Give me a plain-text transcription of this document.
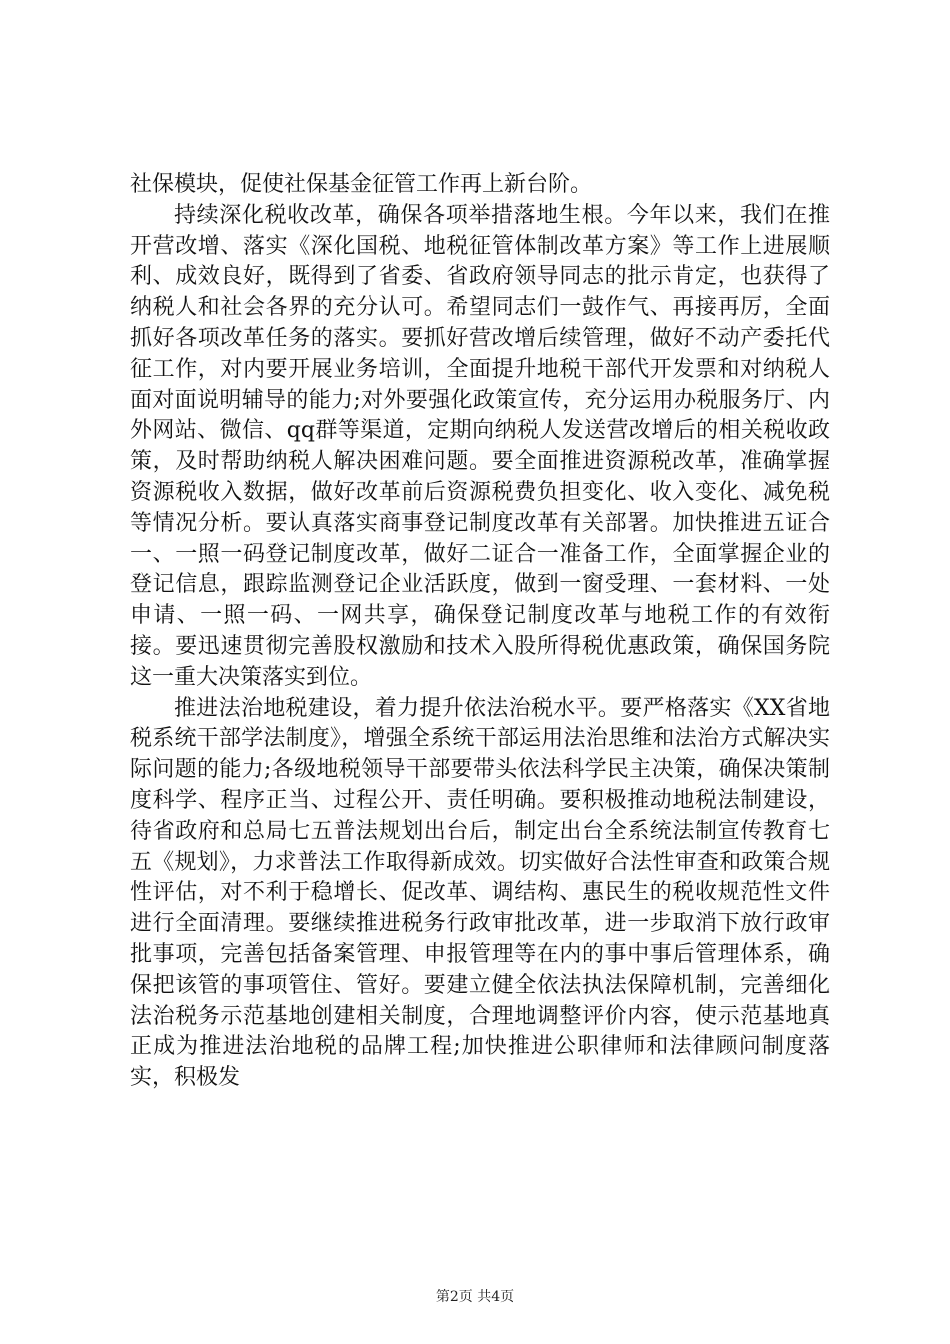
社保模块，促使社保基金征管工作再上新台阶。

持续深化税收改革，确保各项举措落地生根。今年以来，我们在推开营改增、落实《深化国税、地税征管体制改革方案》等工作上进展顺利、成效良好，既得到了省委、省政府领导同志的批示肯定，也获得了纳税人和社会各界的充分认可。希望同志们一鼓作气、再接再厉，全面抓好各项改革任务的落实。要抓好营改增后续管理，做好不动产委托代征工作，对内要开展业务培训，全面提升地税干部代开发票和对纳税人面对面说明辅导的能力;对外要强化政策宣传，充分运用办税服务厅、内外网站、微信、qq群等渠道，定期向纳税人发送营改增后的相关税收政策，及时帮助纳税人解决困难问题。要全面推进资源税改革，准确掌握资源税收入数据，做好改革前后资源税费负担变化、收入变化、减免税等情况分析。要认真落实商事登记制度改革有关部署。加快推进五证合一、一照一码登记制度改革，做好二证合一准备工作，全面掌握企业的登记信息，跟踪监测登记企业活跃度，做到一窗受理、一套材料、一处申请、一照一码、一网共享，确保登记制度改革与地税工作的有效衔接。要迅速贯彻完善股权激励和技术入股所得税优惠政策，确保国务院这一重大决策落实到位。

推进法治地税建设，着力提升依法治税水平。要严格落实《XX省地税系统干部学法制度》，增强全系统干部运用法治思维和法治方式解决实际问题的能力;各级地税领导干部要带头依法科学民主决策，确保决策制度科学、程序正当、过程公开、责任明确。要积极推动地税法制建设，待省政府和总局七五普法规划出台后，制定出台全系统法制宣传教育七五《规划》，力求普法工作取得新成效。切实做好合法性审查和政策合规性评估，对不利于稳增长、促改革、调结构、惠民生的税收规范性文件进行全面清理。要继续推进税务行政审批改革，进一步取消下放行政审批事项，完善包括备案管理、申报管理等在内的事中事后管理体系，确保把该管的事项管住、管好。要建立健全依法执法保障机制，完善细化法治税务示范基地创建相关制度，合理地调整评价内容，使示范基地真正成为推进法治地税的品牌工程;加快推进公职律师和法律顾问制度落实，积极发

第2页 共4页
